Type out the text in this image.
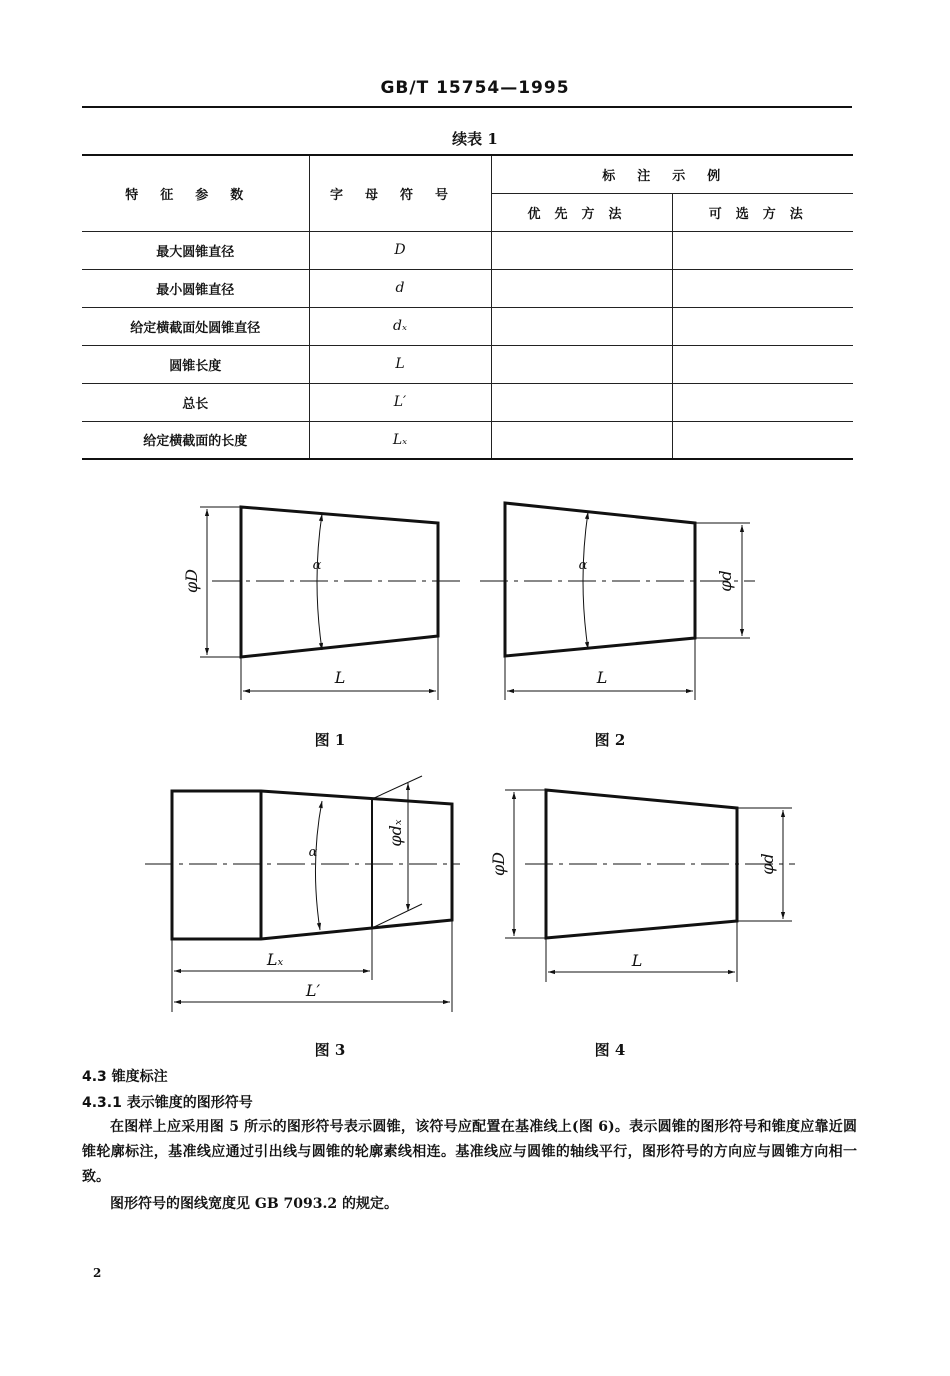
GB/T 15754—1995
续表 1
特征参数	字母符号	标注示例	
		优先方法	可选方法
最大圆锥直径	D		
最小圆锥直径	d		
给定横截面处圆锥直径	dₓ		
圆锥长度	L		
总长	L′		
给定横截面的长度	Lₓ		
φD
α
L
φd
α
L
φdₓ
α
Lₓ
L′
φD	φd
L
图 1	图 2
图 3	图 4
4.3 锥度标注
4.3.1 表示锥度的图形符号
在图样上应采用图 5 所示的图形符号表示圆锥，该符号应配置在基准线上(图 6)。表示圆锥的图形符号和锥度应靠近圆锥轮廓标注，基准线应通过引出线与圆锥的轮廓素线相连。基准线应与圆锥的轴线平行，图形符号的方向应与圆锥方向相一致。
图形符号的图线宽度见 GB 7093.2 的规定。
2
